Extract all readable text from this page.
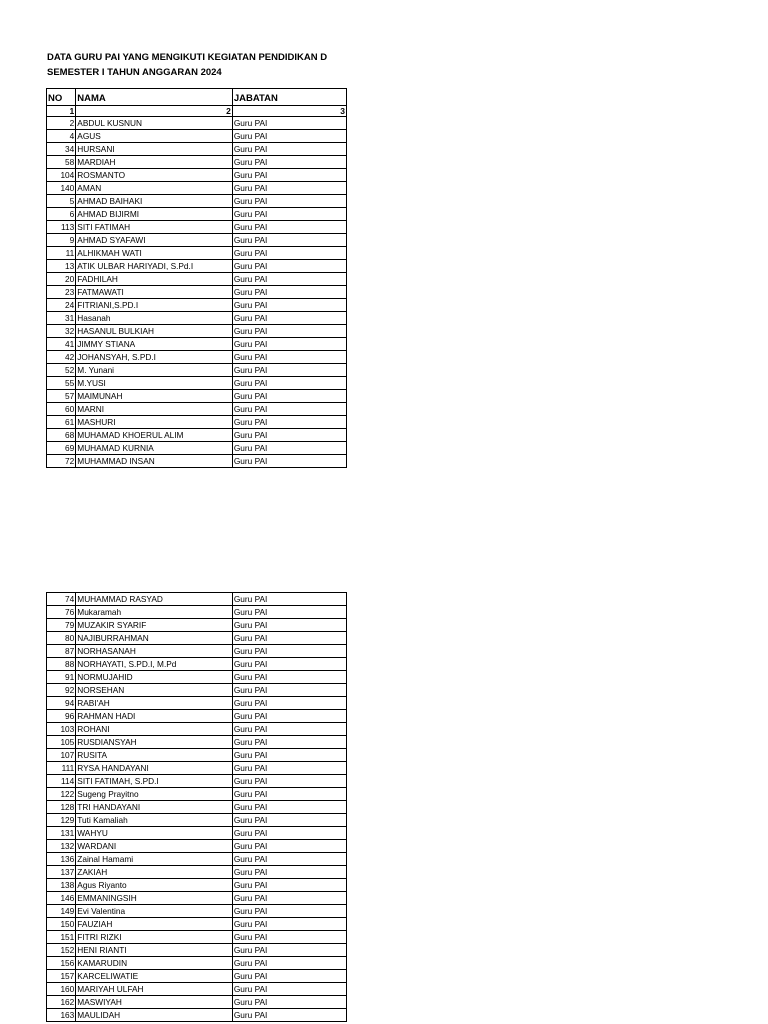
DATA GURU PAI YANG MENGIKUTI KEGIATAN PENDIDIKAN D
SEMESTER I TAHUN ANGGARAN 2024
NO	NAMA	JABATAN
1	2	3
2	ABDUL KUSNUN	Guru PAI
4	AGUS	Guru PAI
34	HURSANI	Guru PAI
58	MARDIAH	Guru PAI
104	ROSMANTO	Guru PAI
140	AMAN	Guru PAI
5	AHMAD BAIHAKI	Guru PAI
6	AHMAD BIJIRMI	Guru PAI
113	SITI FATIMAH	Guru PAI
9	AHMAD SYAFAWI	Guru PAI
11	ALHIKMAH WATI	Guru PAI
13	ATIK ULBAR HARIYADI, S.Pd.I	Guru PAI
20	FADHILAH	Guru PAI
23	FATMAWATI	Guru PAI
24	FITRIANI,S.PD.I	Guru PAI
31	Hasanah	Guru PAI
32	HASANUL BULKIAH	Guru PAI
41	JIMMY STIANA	Guru PAI
42	JOHANSYAH, S.PD.I	Guru PAI
52	M. Yunani	Guru PAI
55	M.YUSI	Guru PAI
57	MAIMUNAH	Guru PAI
60	MARNI	Guru PAI
61	MASHURI	Guru PAI
68	MUHAMAD KHOERUL ALIM	Guru PAI
69	MUHAMAD KURNIA	Guru PAI
72	MUHAMMAD INSAN	Guru PAI
74	MUHAMMAD RASYAD	Guru PAI
76	Mukaramah	Guru PAI
79	MUZAKIR SYARIF	Guru PAI
80	NAJIBURRAHMAN	Guru PAI
87	NORHASANAH	Guru PAI
88	NORHAYATI, S.PD.I, M.Pd	Guru PAI
91	NORMUJAHID	Guru PAI
92	NORSEHAN	Guru PAI
94	RABI'AH	Guru PAI
96	RAHMAN HADI	Guru PAI
103	ROHANI	Guru PAI
105	RUSDIANSYAH	Guru PAI
107	RUSITA	Guru PAI
111	RYSA HANDAYANI	Guru PAI
114	SITI FATIMAH, S.PD.I	Guru PAI
122	Sugeng Prayitno	Guru PAI
128	TRI HANDAYANI	Guru PAI
129	Tuti Kamaliah	Guru PAI
131	WAHYU	Guru PAI
132	WARDANI	Guru PAI
136	Zainal Hamami	Guru PAI
137	ZAKIAH	Guru PAI
138	Agus Riyanto	Guru PAI
146	EMMANINGSIH	Guru PAI
149	Evi Valentina	Guru PAI
150	FAUZIAH	Guru PAI
151	FITRI RIZKI	Guru PAI
152	HENI RIANTI	Guru PAI
156	KAMARUDIN	Guru PAI
157	KARCELIWATIE	Guru PAI
160	MARIYAH ULFAH	Guru PAI
162	MASWIYAH	Guru PAI
163	MAULIDAH	Guru PAI
